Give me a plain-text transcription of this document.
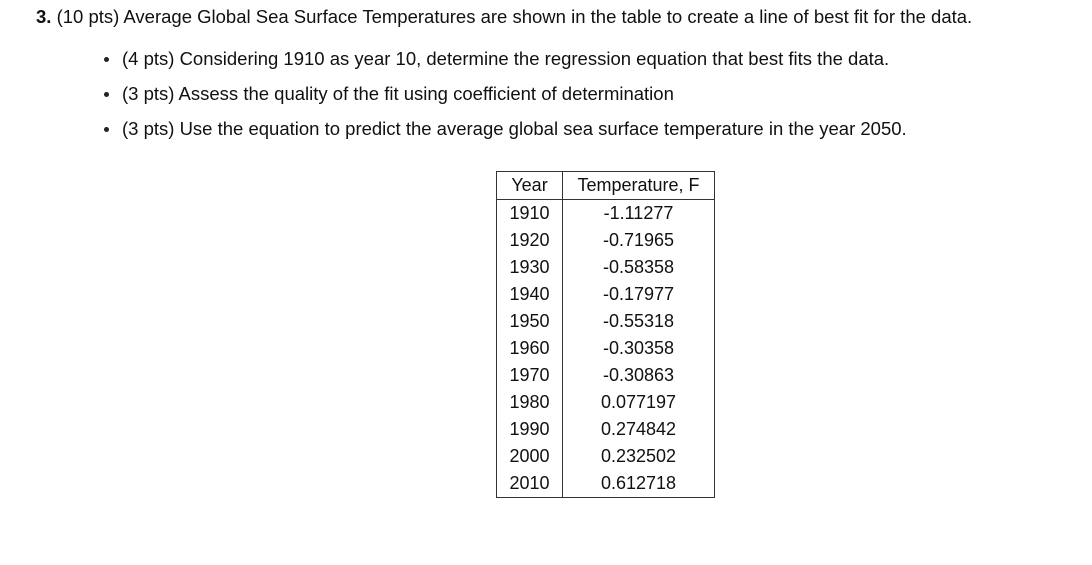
3. (10 pts) Average Global Sea Surface Temperatures are shown in the table to create a line of best fit for the data.
(4 pts) Considering 1910 as year 10, determine the regression equation that best fits the data.
(3 pts) Assess the quality of the fit using coefficient of determination
(3 pts) Use the equation to predict the average global sea surface temperature in the year 2050.
Year	Temperature, F
1910	-1.11277
1920	-0.71965
1930	-0.58358
1940	-0.17977
1950	-0.55318
1960	-0.30358
1970	-0.30863
1980	0.077197
1990	0.274842
2000	0.232502
2010	0.612718
